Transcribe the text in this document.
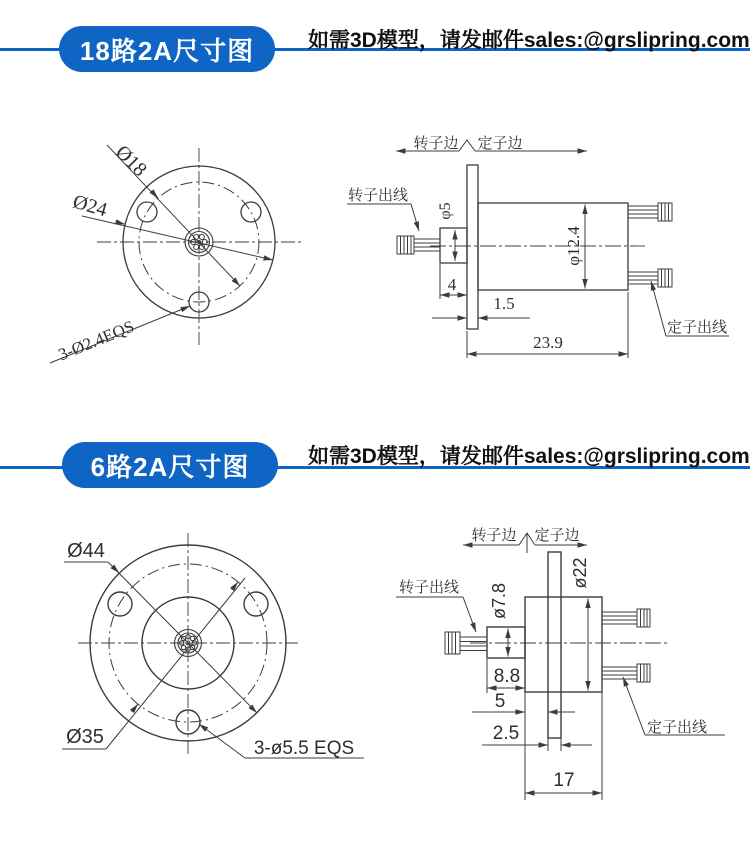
18路2A尺寸图	如需3D模型，请发邮件sales:@grslipring.com
Ø18
Ø24
3-Ø2.4EQS
φ5
φ12.4
4
1.5
23.9
转子边 定子边
转子出线
定子出线
6路2A尺寸图	如需3D模型，请发邮件sales:@grslipring.com
Ø44
Ø35
3-ø5.5 EQS
ø7.8
ø22
8.8
5
2.5
17
转子边 定子边
转子出线
定子出线
